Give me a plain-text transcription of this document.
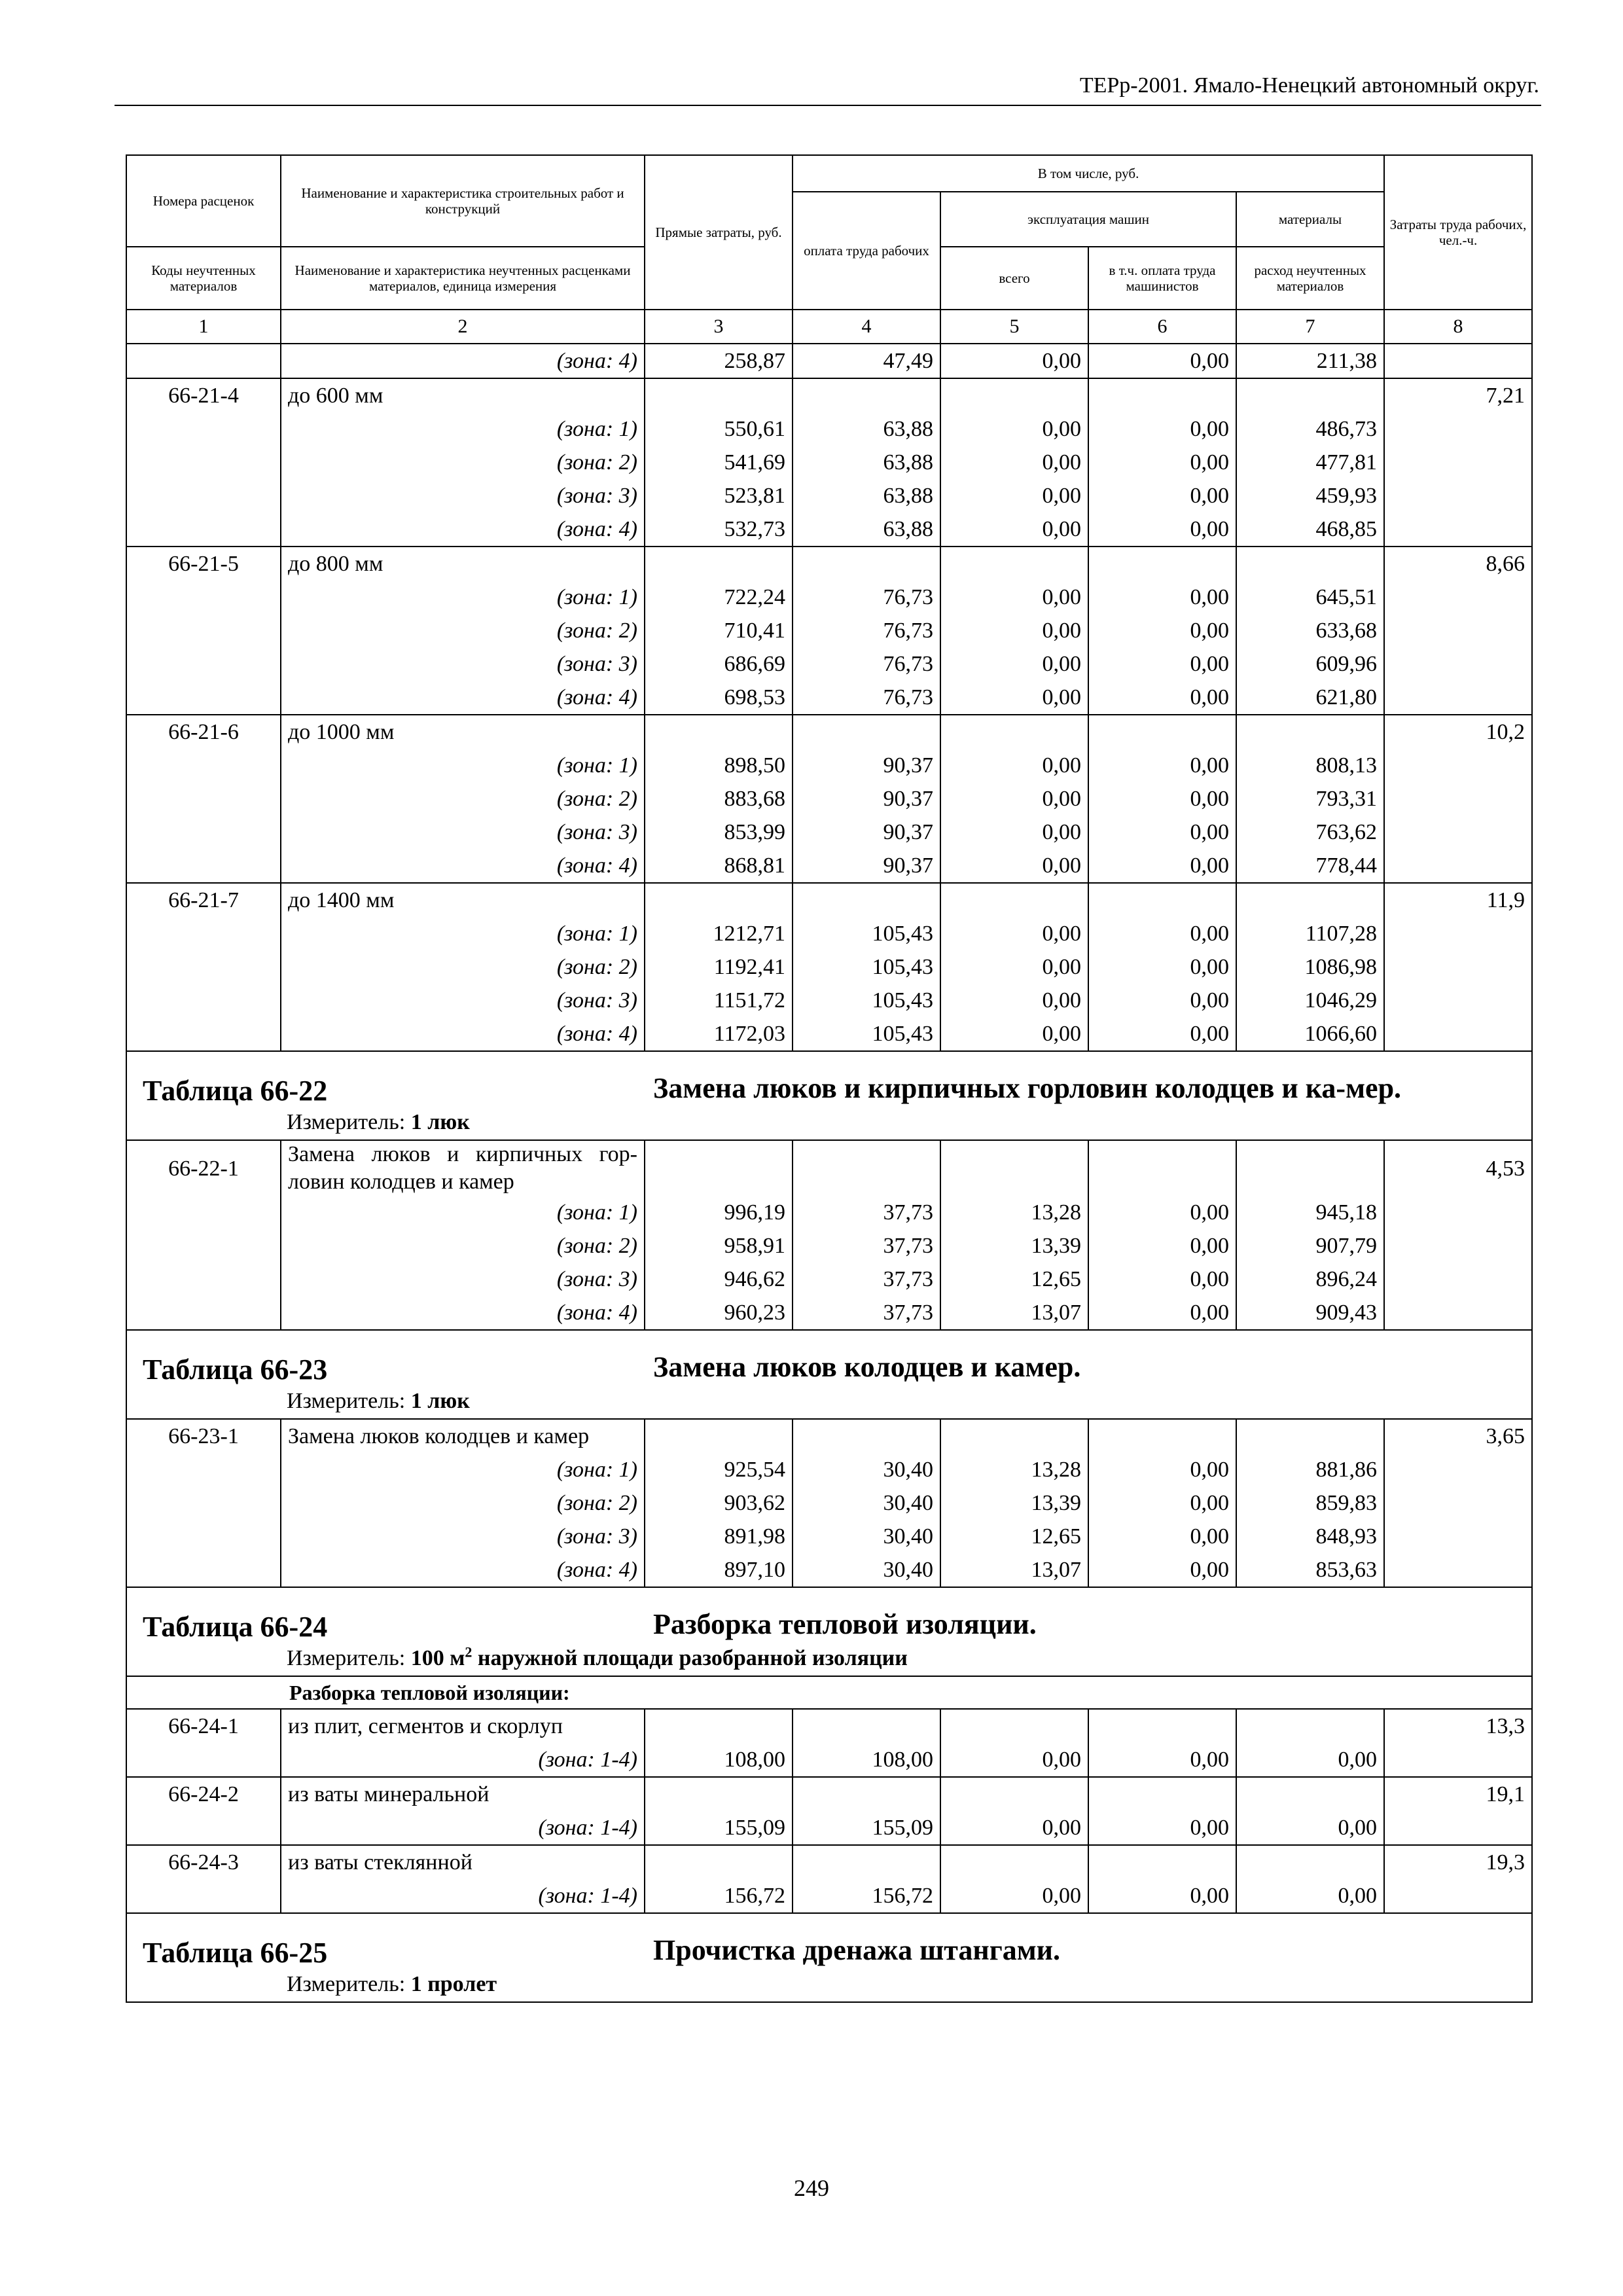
ТЕРр-2001. Ямало-Ненецкий автономный округ.
Номера расценок	Наименование и характеристика строительных работ и конструкций	Прямые затраты, руб.	В том числе, руб.				Затраты труда рабочих, чел.-ч.
			оплата труда рабочих	эксплуатация машин		материалы	
Коды неучтенных материалов	Наименование и характеристика неучтенных расценками материалов, единица измерения			всего	в т.ч. оплата труда машинистов	расход неучтенных материалов	
1	2	3	4	5	6	7	8
	(зона: 4)	258,87	47,49	0,00	0,00	211,38	
66-21-4	до 600 мм						7,21
	(зона: 1)	550,61	63,88	0,00	0,00	486,73	
	(зона: 2)	541,69	63,88	0,00	0,00	477,81	
	(зона: 3)	523,81	63,88	0,00	0,00	459,93	
	(зона: 4)	532,73	63,88	0,00	0,00	468,85	
66-21-5	до 800 мм						8,66
	(зона: 1)	722,24	76,73	0,00	0,00	645,51	
	(зона: 2)	710,41	76,73	0,00	0,00	633,68	
	(зона: 3)	686,69	76,73	0,00	0,00	609,96	
	(зона: 4)	698,53	76,73	0,00	0,00	621,80	
66-21-6	до 1000 мм						10,2
	(зона: 1)	898,50	90,37	0,00	0,00	808,13	
	(зона: 2)	883,68	90,37	0,00	0,00	793,31	
	(зона: 3)	853,99	90,37	0,00	0,00	763,62	
	(зона: 4)	868,81	90,37	0,00	0,00	778,44	
66-21-7	до 1400 мм						11,9
	(зона: 1)	1212,71	105,43	0,00	0,00	1107,28	
	(зона: 2)	1192,41	105,43	0,00	0,00	1086,98	
	(зона: 3)	1151,72	105,43	0,00	0,00	1046,29	
	(зона: 4)	1172,03	105,43	0,00	0,00	1066,60	

Таблица 66-22 Замена люков и кирпичных горловин колодцев и ка-мер.
Измеритель: 1 люк							

66-22-1	Замена люков и кирпичных гор-ловин колодцев и камер						4,53
	(зона: 1)	996,19	37,73	13,28	0,00	945,18	
	(зона: 2)	958,91	37,73	13,39	0,00	907,79	
	(зона: 3)	946,62	37,73	12,65	0,00	896,24	
	(зона: 4)	960,23	37,73	13,07	0,00	909,43	

Таблица 66-23 Замена люков колодцев и камер.
Измеритель: 1 люк							

66-23-1	Замена люков колодцев и камер						3,65
	(зона: 1)	925,54	30,40	13,28	0,00	881,86	
	(зона: 2)	903,62	30,40	13,39	0,00	859,83	
	(зона: 3)	891,98	30,40	12,65	0,00	848,93	
	(зона: 4)	897,10	30,40	13,07	0,00	853,63	

Таблица 66-24 Разборка тепловой изоляции.
Измеритель: 100 $м^2$ наружной площади разобранной изоляции							

Разборка тепловой изоляции:							
66-24-1	из плит, сегментов и скорлуп						13,3
	(зона: 1-4)	108,00	108,00	0,00	0,00	0,00	
66-24-2	из ваты минеральной						19,1
	(зона: 1-4)	155,09	155,09	0,00	0,00	0,00	
66-24-3	из ваты стеклянной						19,3
	(зона: 1-4)	156,72	156,72	0,00	0,00	0,00	

Таблица 66-25 Прочистка дренажа штангами.
Измеритель: 1 пролет							
249
